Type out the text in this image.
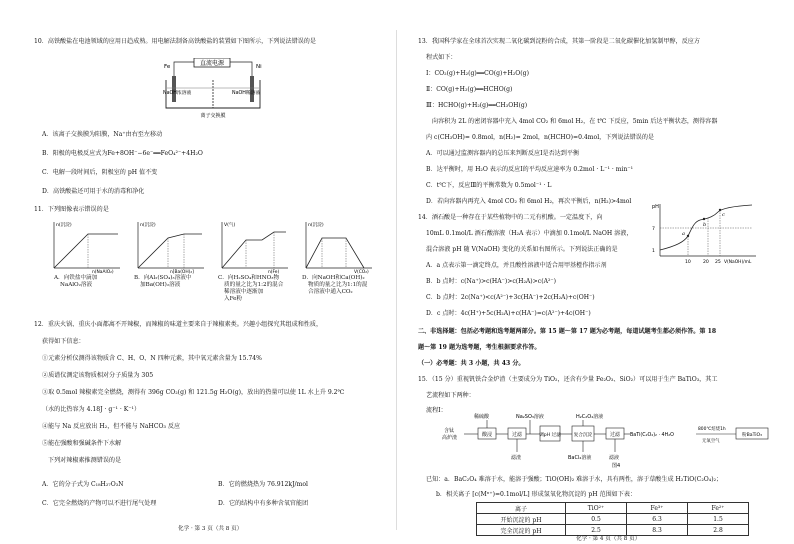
10．高铁酸盐在电池领域的应用日趋成熟。用电解法制备高铁酸盐的装置如下图所示，下列说法错误的是
直流电源
Fe	Ni
NaOH浓溶液	NaOH稀溶液
离子交换膜
A．该离子交换膜为阳膜，Na⁺由右至左移动
B．阳极的电极反应式为Fe+8OH⁻−6e⁻══FeO₄²⁻+4H₂O
C．电解一段时间后，阴极室的 pH 值不变
D．高铁酸盐还可用于水的消毒和净化
11．下列图像表示错误的是
n(沉淀)
n(NaAlO₂)
A．向铁盐中滴加
NaAlO₂溶液
n(沉淀)
n[Ba(OH)₂]
B．向Al₂(SO₄)₃溶液中
加Ba(OH)₂溶液
V(气)
n(Fe)
C．向H₂SO₄和HNO₃物
质的量之比为1:2的混合
稀溶液中逐渐加
入Fe粉
n(沉淀)
V(CO₂)
D．向NaOH和Ca(OH)₂
物质的量之比为1:1的混
合溶液中通入CO₂
12．重庆火锅、重庆小面都离不开辣椒，而辣椒的味道主要来自于辣椒素类。兴趣小组探究其组成和性质，
获得如下信息：
①元素分析仪测得该物质含 C、H、O、N 四种元素，其中氧元素含量为 15.74%
②质谱仪测定该物质相对分子质量为 305
③取 0.5mol 辣椒素完全燃烧，测得有 396g CO₂(g) 和 121.5g H₂O(g)，放出的热量可以使 1L 水上升 9.2℃
（水的比热容为 4.18J · g⁻¹ · K⁻¹）
④能与 Na 反应放出 H₂，但不能与 NaHCO₃ 反应
⑤能在强酸和强碱条件下水解
下列对辣椒素推测错误的是
A．它的分子式为 C₁₈H₂₇O₃N	B．它的燃烧热为 76.912kJ/mol
C．它完全燃烧的产物可以不进行尾气处理	D．它的结构中有多种含氧官能团
化学 · 第 3 页（共 8 页）
13．我国科学家在全球首次实现二氧化碳到淀粉的合成，其第一阶段是二氧化碳催化加氢制甲醇，反应方
程式如下：
Ⅰ：CO₂(g)+H₂(g)══CO(g)+H₂O(g)
Ⅱ：CO(g)+H₂(g)══HCHO(g)
Ⅲ：HCHO(g)+H₂(g)══CH₃OH(g)
向容积为 2L 的密闭容器中充入 4mol CO₂ 和 6mol H₂，在 t℃ 下反应，5min 后达平衡状态，测得容器
内 c(CH₃OH)= 0.8mol，n(H₂)= 2mol，n(HCHO)=0.4mol，下列说法错误的是
A．可以通过监测容器内的总压来判断反应Ⅰ是否达到平衡
B．达平衡时，用 H₂O 表示的反应Ⅰ的平均反应速率为 0.2mol · L⁻¹ · min⁻¹
C．t℃下，反应Ⅲ的平衡常数为 0.5mol⁻¹ · L
D．若向容器内再充入 4mol CO₂ 和 6mol H₂，再次平衡后，n(H₂)>4mol
14．酒石酸是一种存在于某些植物中的二元有机酸。一定温度下，向
10mL 0.1mol/L 酒石酸溶液（H₂A 表示）中滴加 0.1mol/L NaOH 溶液，
混合溶液 pH 随 V(NaOH) 变化的关系如右图所示。下列说法正确的是
A．a 点表示第一滴定终点，并且酸性溶液中适合用甲基橙作指示剂
B．b 点时：c(Na⁺)>c(HA⁻)>c(H₂A)>c(A²⁻)
C．b 点时：2c(Na⁺)<c(A²⁻)+3c(HA⁻)+2c(H₂A)+c(OH⁻)
D．c 点时：4c(H⁺)+5c(H₂A)+c(HA⁻)=c(A²⁻)+4c(OH⁻)
pH
7
1
a
b
c
10	20 25 V(NaOH)/mL
二、非选择题：包括必考题和选考题两部分。第 15 题～第 17 题为必考题，每道试题考生都必须作答。第 18
题～第 19 题为选考题，考生根据要求作答。
（一）必考题：共 3 小题，共 43 分。
15．（15 分）重视钒铁合金炉渣（主要成分为 TiO₂，还含有少量 Fe₂O₃、SiO₂）可以用于生产 BaTiO₃，其工
艺流程如下两种：
流程Ⅰ：
含钛
高炉渣	酸浸
稀硫酸
过滤
Na₂SO₃溶液
滤渣
调pH 过滤	复合沉淀
H₂C₂O₄溶液
BaCl₂溶液
过滤
滤液
BaTi(C₂O₄)₂ · 4H₂O
800℃焙烧1h
无氧空气
粉BaTiO₃
图4
已知：a．BaC₂O₄ 难溶于水，能溶于强酸；TiO(OH)₂ 难溶于水，具有两性，溶于草酸生成 H₂TiO(C₂O₄)₂；
b．相关离子 [c(Mⁿ⁺)=0.1mol/L] 形成氢氧化物沉淀的 pH 范围如下表：
离子	TiO²⁺	Fe³⁺	Fe²⁺
开始沉淀的 pH	0.5	6.3	1.5
完全沉淀的 pH	2.5	8.3	2.8
化学 · 第 4 页（共 8 页）
